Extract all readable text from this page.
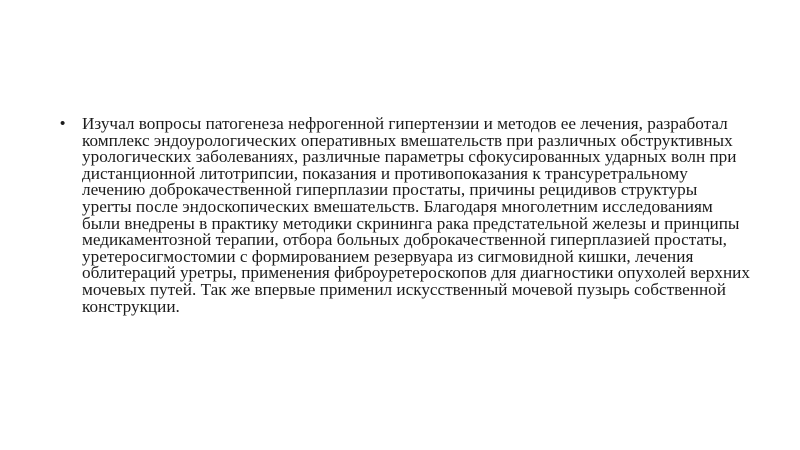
• Изучал вопросы патогенеза нефрогенной гипертензии и методов ее лечения, разработал комплекс эндоурологических оперативных вмешательств при различных обструктивных урологических заболеваниях, различные параметры сфокусированных ударных волн при дистанционной литотрипсии, показания и противопоказания к трансуретральному лечению доброкачественной гиперплазии простаты, причины рецидивов структуры уреrты после эндоскопических вмешательств. Благодаря многолетним исследованиям были внедрены в практику методики скрининга рака предстательной железы и принципы медикаментозной терапии, отбора больных доброкачественной гиперплазией простаты, уретеросигмостомии с формированием резервуара из сигмовидной кишки, лечения облитераций уретры, применения фиброуретероскопов для диагностики опухолей верхних мочевых путей. Так же впервые применил искусственный мочевой пузырь собственной конструкции.
